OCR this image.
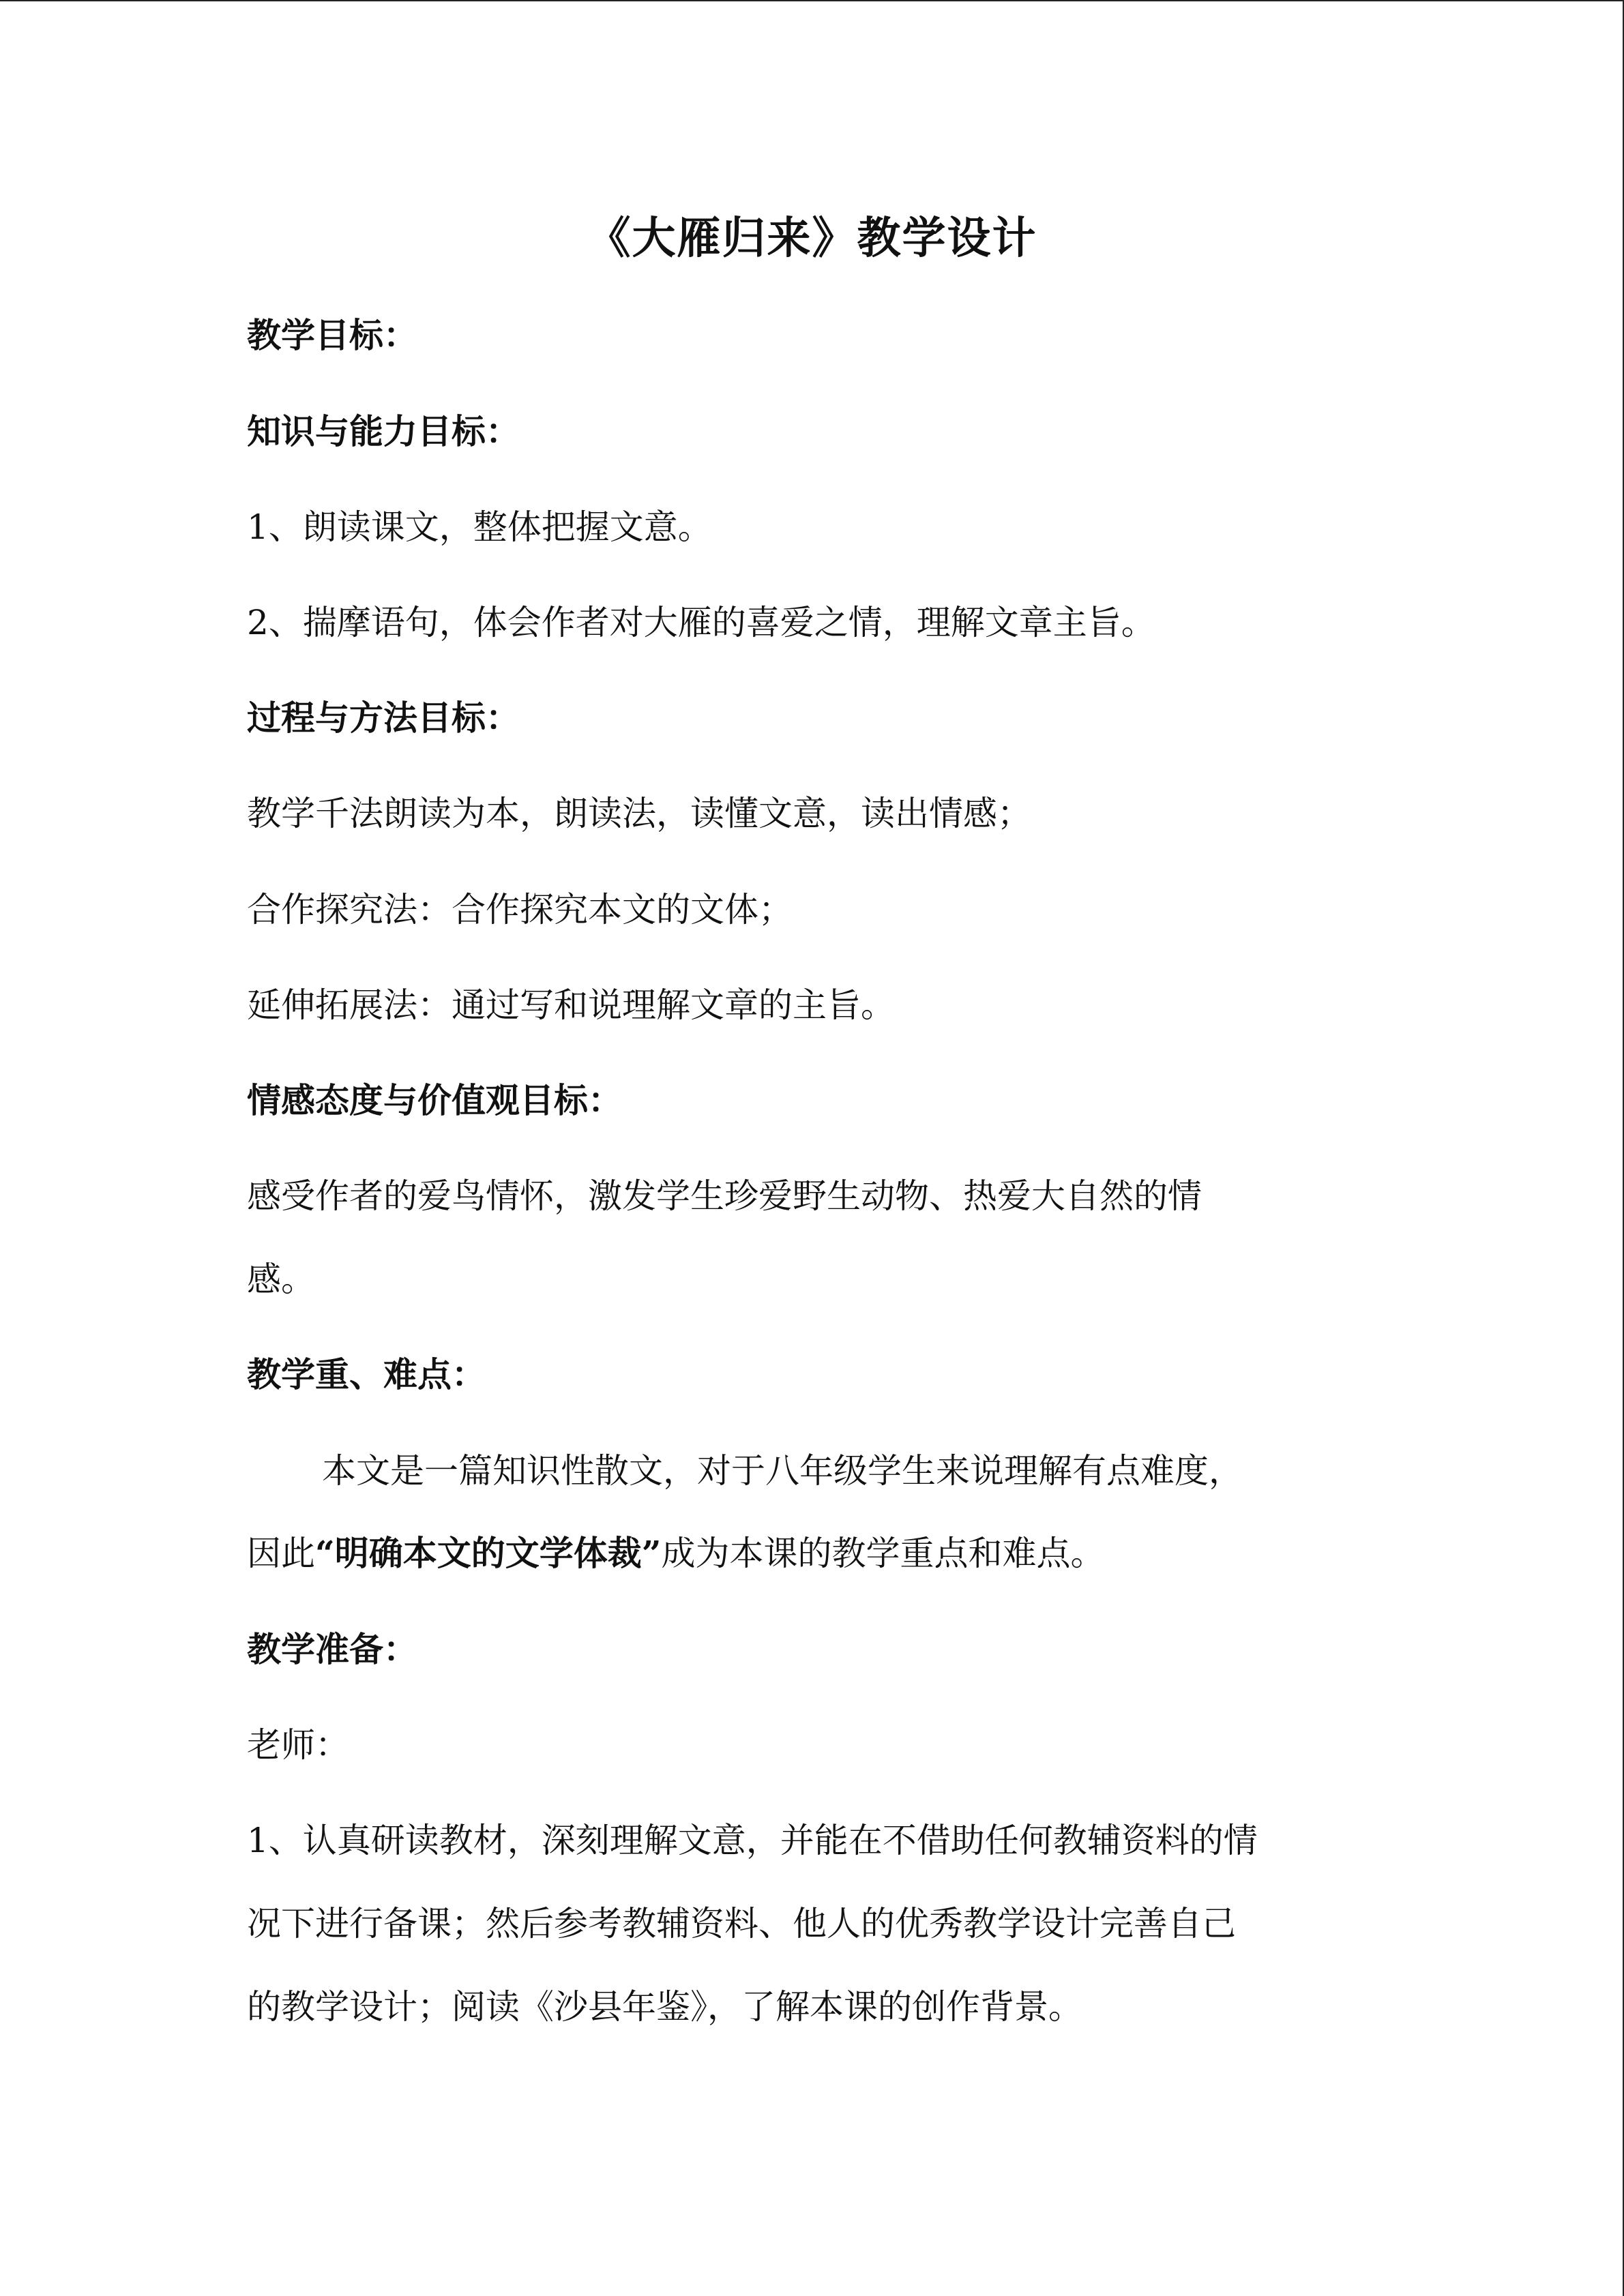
《大雁归来》教学设计
教学目标：
知识与能力目标：
1、朗读课文，整体把握文意。
2、揣摩语句，体会作者对大雁的喜爱之情，理解文章主旨。
过程与方法目标：
教学千法朗读为本，朗读法，读懂文意，读出情感；
合作探究法：合作探究本文的文体；
延伸拓展法：通过写和说理解文章的主旨。
情感态度与价值观目标：
感受作者的爱鸟情怀，激发学生珍爱野生动物、热爱大自然的情
感。
教学重、难点：
本文是一篇知识性散文，对于八年级学生来说理解有点难度，
因此“明确本文的文学体裁”成为本课的教学重点和难点。
教学准备：
老师：
1、认真研读教材，深刻理解文意，并能在不借助任何教辅资料的情
况下进行备课；然后参考教辅资料、他人的优秀教学设计完善自己
的教学设计；阅读《沙县年鉴》，了解本课的创作背景。
